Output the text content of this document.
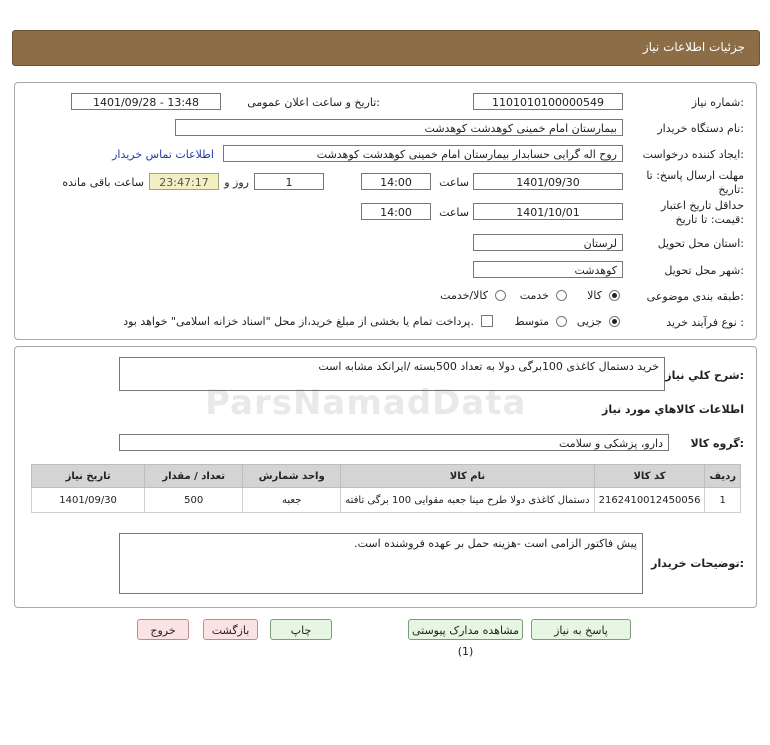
جزئیات اطلاعات نیاز
شماره نیاز:
1101010100000549
تاریخ و ساعت اعلان عمومی:
1401/09/28 - 13:48
نام دستگاه خریدار:
بیمارستان امام خمینی کوهدشت کوهدشت
ایجاد کننده درخواست:
روح اله گرایی حسابدار بیمارستان امام خمینی کوهدشت کوهدشت
اطلاعات تماس خریدار
مهلت ارسال پاسخ: تا
تاریخ:
1401/09/30
ساعت
14:00
1
روز و
23:47:17
ساعت باقی مانده
حداقل تاریخ اعتبار
قیمت: تا تاریخ:
1401/10/01
ساعت
14:00
استان محل تحویل:
لرستان
شهر محل تحویل:
کوهدشت
طبقه بندی موضوعی:
کالا
خدمت
کالا/خدمت
نوع فرآیند خرید :
جزیی
متوسط
پرداخت تمام یا بخشی از مبلغ خرید،از محل "اسناد خزانه اسلامی" خواهد بود.
شرح کلي نیاز:
خرید دستمال کاغذی 100برگی دولا به تعداد 500بسته /ایرانکد مشابه است
اطلاعات کالاهاي مورد نياز
گروه کالا:
دارو، پزشکی و سلامت
ردیف	کد کالا	نام کالا	واحد شمارش	تعداد / مقدار	تاریخ نیاز
1	2162410012450056	دستمال کاغذی دولا طرح مینا جعبه مقوایی 100 برگی تافته	جعبه	500	1401/09/30
توضیحات خریدار:
پیش فاکتور الزامی است -هزینه حمل بر عهده فروشنده است.
پاسخ به نیاز
مشاهده مدارک پیوستی (1)
چاپ
بازگشت
خروج
